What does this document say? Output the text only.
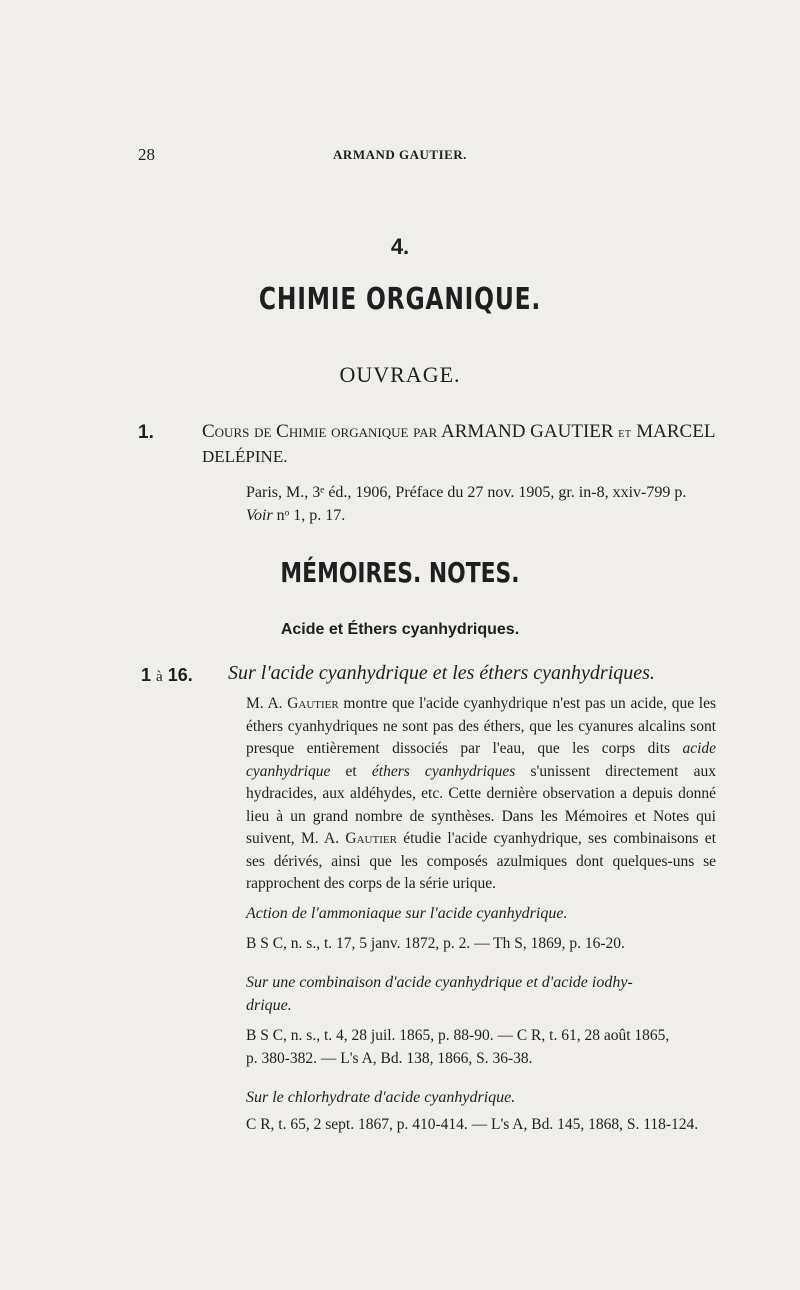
28	ARMAND GAUTIER.
4.
CHIMIE ORGANIQUE.
OUVRAGE.
1.	Cours de Chimie organique par ARMAND GAUTIER et MARCEL
DELÉPINE.
Paris, M., 3ᵉ éd., 1906, Préface du 27 nov. 1905, gr. in-8, xxiv-799 p.
Voir nᵒ 1, p. 17.
MÉMOIRES. NOTES.
Acide et Éthers cyanhydriques.
1 à 16. Sur l'acide cyanhydrique et les éthers cyanhydriques.

M. A. Gautier montre que l'acide cyanhydrique n'est pas un acide, que les éthers cyanhydriques ne sont pas des éthers, que les cyanures alcalins sont presque entièrement dissociés par l'eau, que les corps dits acide cyanhydrique et éthers cyanhydriques s'unissent directement aux hydracides, aux aldéhydes, etc. Cette dernière observation a depuis donné lieu à un grand nombre de synthèses. Dans les Mémoires et Notes qui suivent, M. A. Gautier étudie l'acide cyanhydrique, ses combinaisons et ses dérivés, ainsi que les composés azulmiques dont quelques-uns se rapprochent des corps de la série urique.

Action de l'ammoniaque sur l'acide cyanhydrique.
B S C, n. s., t. 17, 5 janv. 1872, p. 2. — Th S, 1869, p. 16-20.
Sur une combinaison d'acide cyanhydrique et d'acide iodhy-
drique.
B S C, n. s., t. 4, 28 juil. 1865, p. 88-90. — C R, t. 61, 28 août 1865,
p. 380-382. — L's A, Bd. 138, 1866, S. 36-38.
Sur le chlorhydrate d'acide cyanhydrique.
C R, t. 65, 2 sept. 1867, p. 410-414. — L's A, Bd. 145, 1868, S. 118-124.
